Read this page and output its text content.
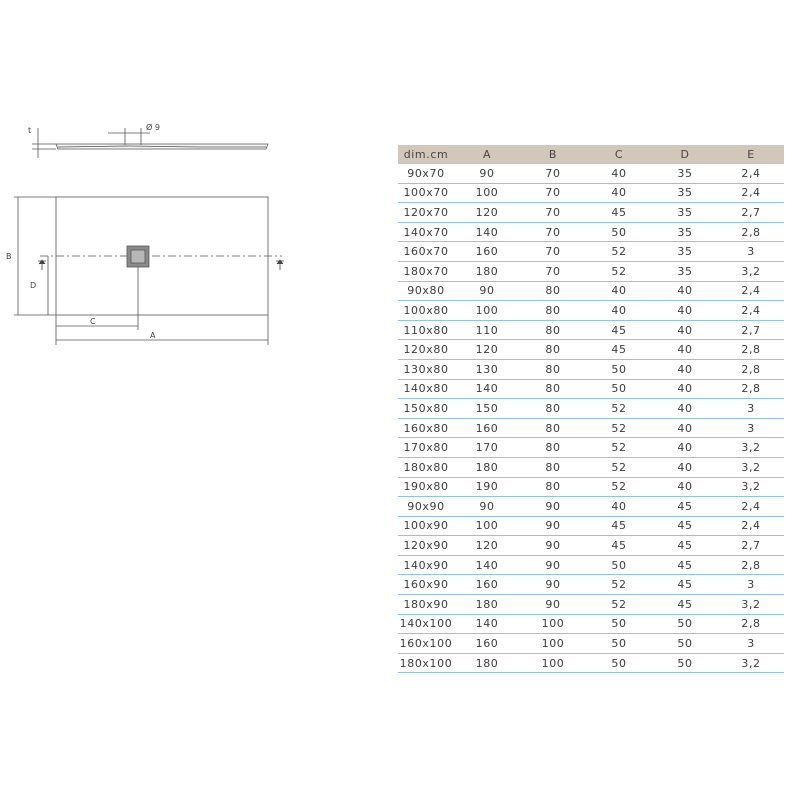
t	Ø 9
B
D
C
A
dim.cm	A	B	C	D	E
90x70	90	70	40	35	2,4
100x70	100	70	40	35	2,4
120x70	120	70	45	35	2,7
140x70	140	70	50	35	2,8
160x70	160	70	52	35	3
180x70	180	70	52	35	3,2
90x80	90	80	40	40	2,4
100x80	100	80	40	40	2,4
110x80	110	80	45	40	2,7
120x80	120	80	45	40	2,8
130x80	130	80	50	40	2,8
140x80	140	80	50	40	2,8
150x80	150	80	52	40	3
160x80	160	80	52	40	3
170x80	170	80	52	40	3,2
180x80	180	80	52	40	3,2
190x80	190	80	52	40	3,2
90x90	90	90	40	45	2,4
100x90	100	90	45	45	2,4
120x90	120	90	45	45	2,7
140x90	140	90	50	45	2,8
160x90	160	90	52	45	3
180x90	180	90	52	45	3,2
140x100	140	100	50	50	2,8
160x100	160	100	50	50	3
180x100	180	100	50	50	3,2
